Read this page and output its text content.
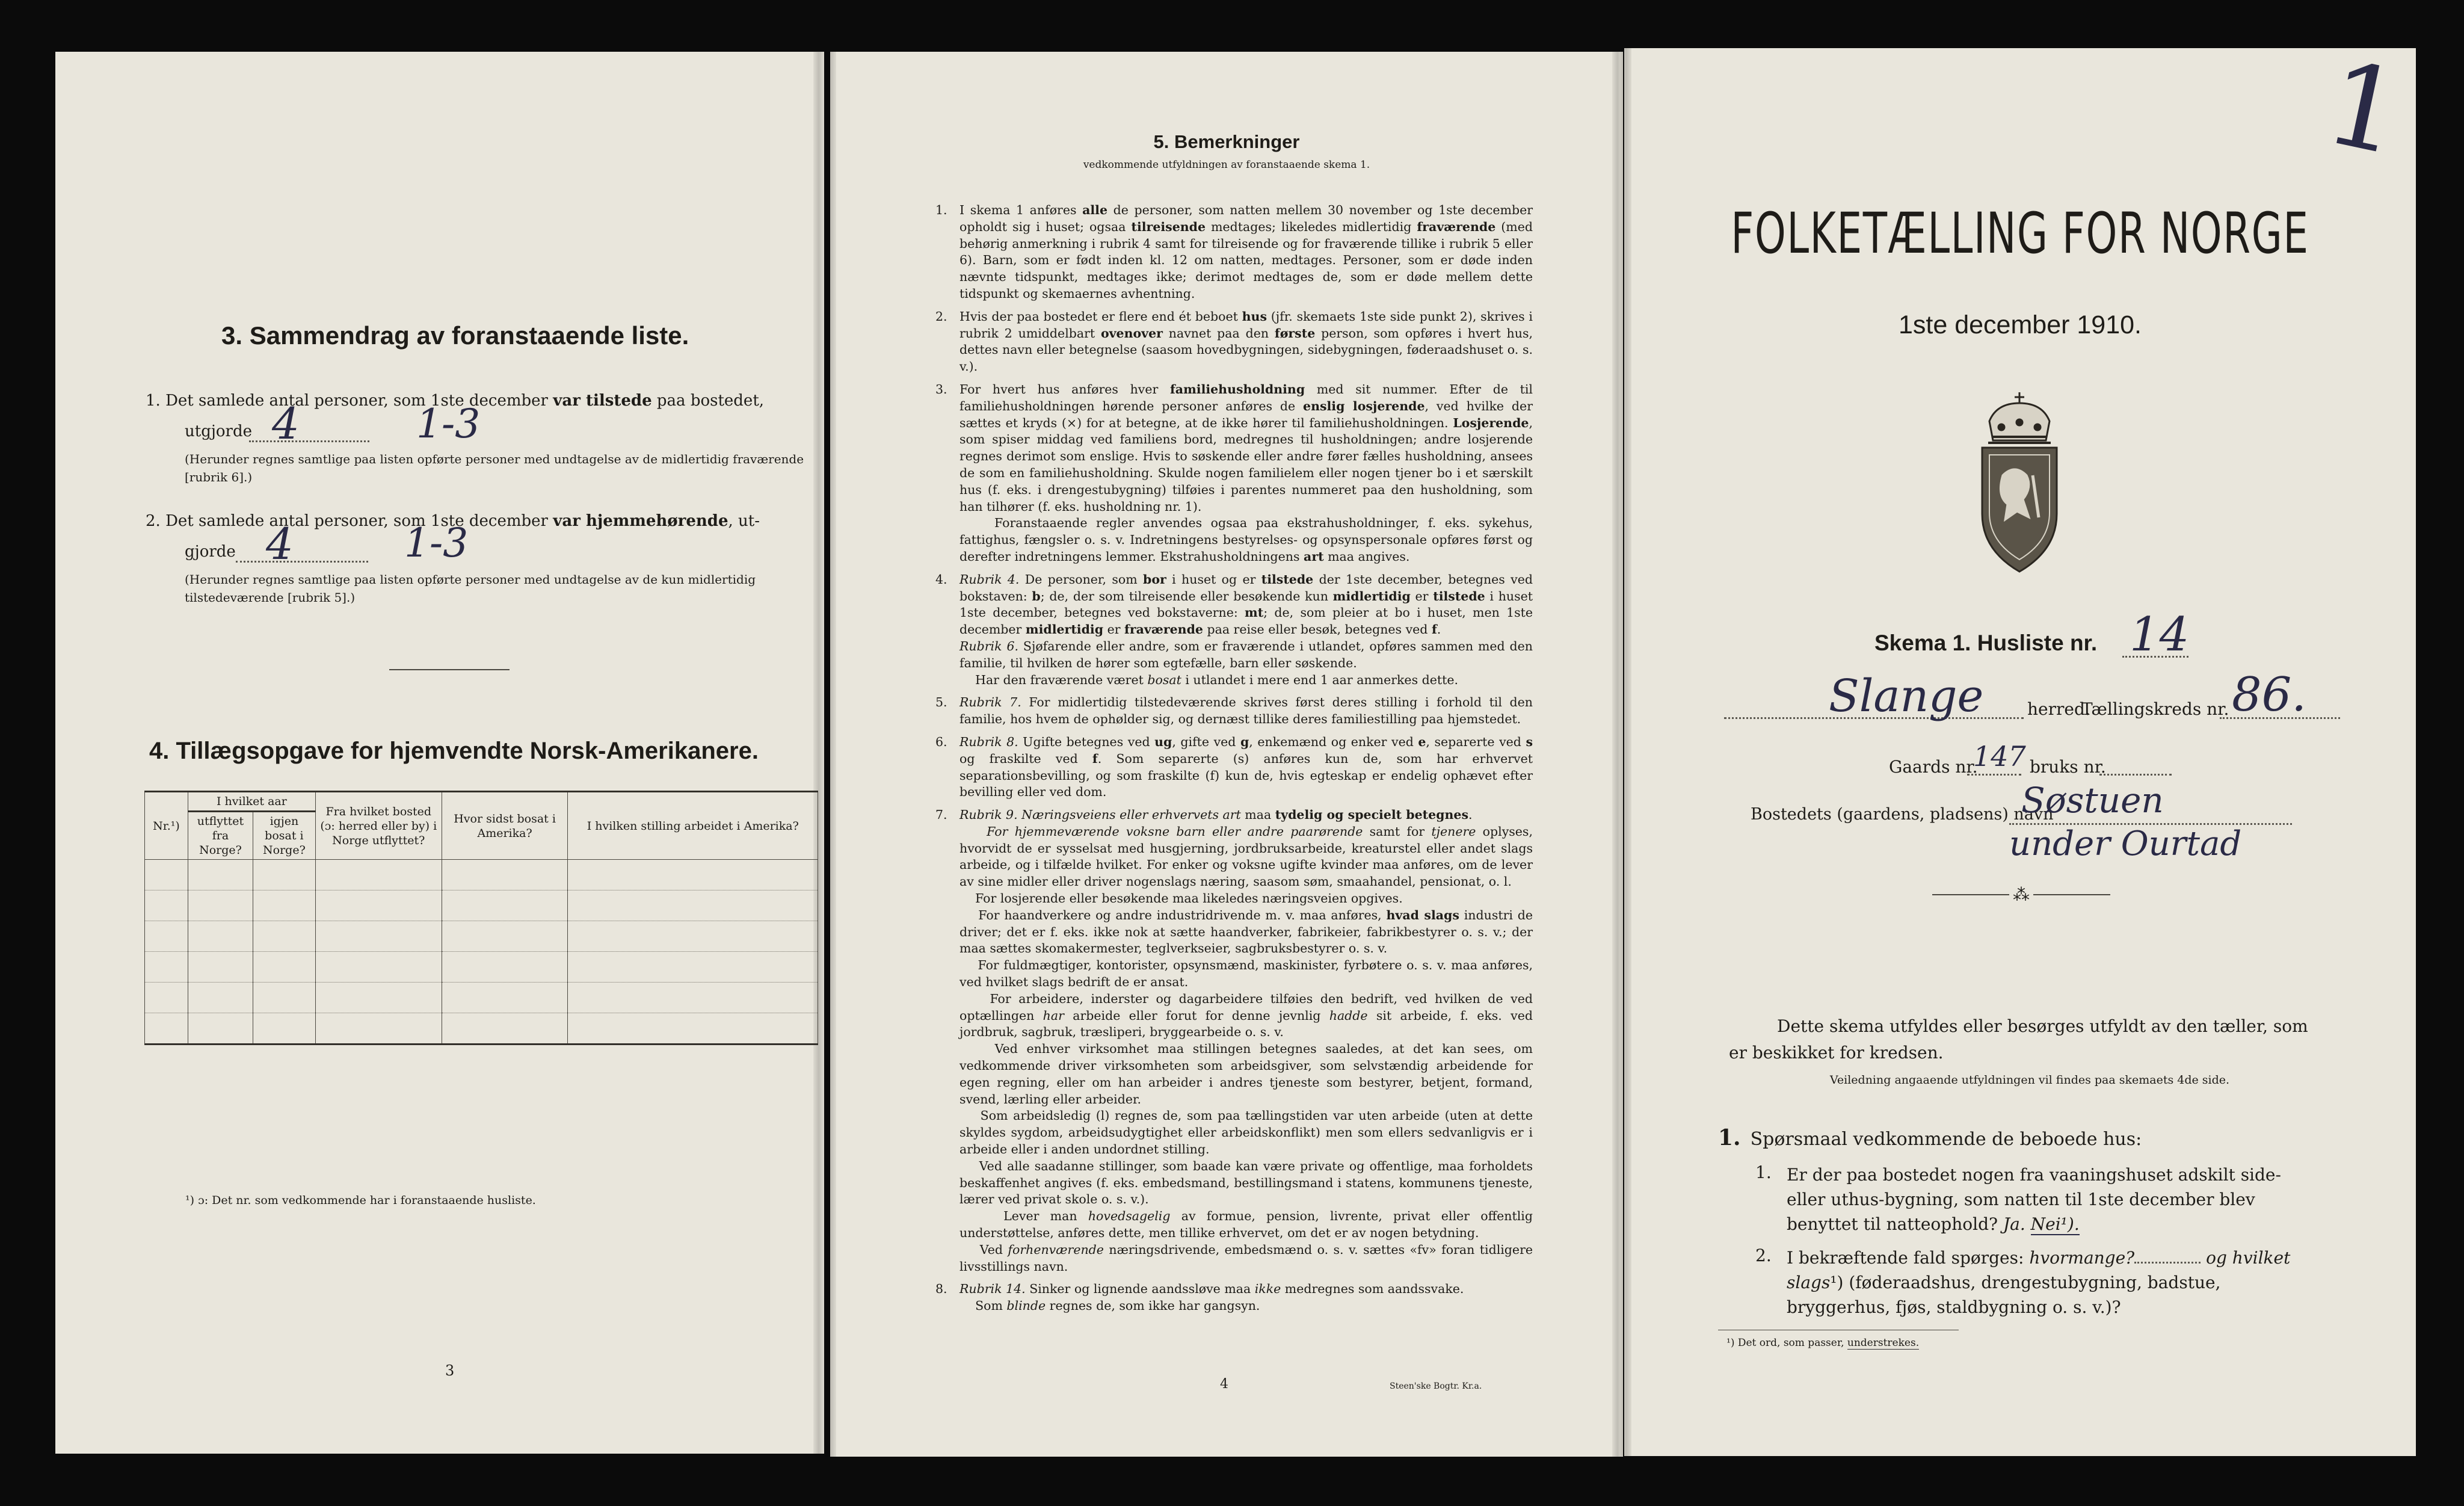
3. Sammendrag av foranstaaende liste.
1. Det samlede antal personer, som 1ste december var tilstede paa bostedet,
utgjorde 4	1-3
(Herunder regnes samtlige paa listen opførte personer med undtagelse av de midlertidig fraværende [rubrik 6].)
2. Det samlede antal personer, som 1ste december var hjemmehørende, ut-
gjorde 4	1-3
(Herunder regnes samtlige paa listen opførte personer med undtagelse av de kun midlertidig tilstedeværende [rubrik 5].)
4. Tillægsopgave for hjemvendte Norsk-Amerikanere.
Nr.¹)	I hvilket aar		Fra hvilket bosted (ɔ: herred eller by) i Norge utflyttet?	Hvor sidst bosat i Amerika?	I hvilken stilling arbeidet i Amerika?
	utflyttet fra Norge?	igjen bosat i Norge?			

¹) ɔ: Det nr. som vedkommende har i foranstaaende husliste.
3
5. Bemerkninger
vedkommende utfyldningen av foranstaaende skema 1.
1. I skema 1 anføres alle de personer, som natten mellem 30 november og 1ste december opholdt sig i huset; ogsaa tilreisende medtages; likeledes midlertidig fraværende (med behørig anmerkning i rubrik 4 samt for tilreisende og for fraværende tillike i rubrik 5 eller 6). Barn, som er født inden kl. 12 om natten, medtages. Personer, som er døde inden nævnte tidspunkt, medtages ikke; derimot medtages de, som er døde mellem dette tidspunkt og skemaernes avhentning.
2. Hvis der paa bostedet er flere end ét beboet hus (jfr. skemaets 1ste side punkt 2), skrives i rubrik 2 umiddelbart ovenover navnet paa den første person, som opføres i hvert hus, dettes navn eller betegnelse (saasom hovedbygningen, sidebygningen, føderaadshuset o. s. v.).
3. For hvert hus anføres hver familiehusholdning med sit nummer. Efter de til familiehusholdningen hørende personer anføres de enslig losjerende, ved hvilke der sættes et kryds (×) for at betegne, at de ikke hører til familiehusholdningen. Losjerende, som spiser middag ved familiens bord, medregnes til husholdningen; andre losjerende regnes derimot som enslige. Hvis to søskende eller andre fører fælles husholdning, ansees de som en familiehusholdning. Skulde nogen familielem eller nogen tjener bo i et særskilt hus (f. eks. i drengestubygning) tilføies i parentes nummeret paa den husholdning, som han tilhører (f. eks. husholdning nr. 1).
Foranstaaende regler anvendes ogsaa paa ekstrahusholdninger, f. eks. sykehus, fattighus, fængsler o. s. v. Indretningens bestyrelses- og opsynspersonale opføres først og derefter indretningens lemmer. Ekstrahusholdningens art maa angives.
4. Rubrik 4. De personer, som bor i huset og er tilstede der 1ste december, betegnes ved bokstaven: b; de, der som tilreisende eller besøkende kun midlertidig er tilstede i huset 1ste december, betegnes ved bokstaverne: mt; de, som pleier at bo i huset, men 1ste december midlertidig er fraværende paa reise eller besøk, betegnes ved f.
Rubrik 6. Sjøfarende eller andre, som er fraværende i utlandet, opføres sammen med den familie, til hvilken de hører som egtefælle, barn eller søskende.
Har den fraværende været bosat i utlandet i mere end 1 aar anmerkes dette.
5. Rubrik 7. For midlertidig tilstedeværende skrives først deres stilling i forhold til den familie, hos hvem de ophølder sig, og dernæst tillike deres familiestilling paa hjemstedet.
6. Rubrik 8. Ugifte betegnes ved ug, gifte ved g, enkemænd og enker ved e, separerte ved s og fraskilte ved f. Som separerte (s) anføres kun de, som har erhvervet separationsbevilling, og som fraskilte (f) kun de, hvis egteskap er endelig ophævet efter bevilling eller ved dom.
7. Rubrik 9. Næringsveiens eller erhvervets art maa tydelig og specielt betegnes.
For hjemmeværende voksne barn eller andre paarørende samt for tjenere oplyses, hvorvidt de er sysselsat med husgjerning, jordbruksarbeide, kreaturstel eller andet slags arbeide, og i tilfælde hvilket. For enker og voksne ugifte kvinder maa anføres, om de lever av sine midler eller driver nogenslags næring, saasom søm, smaahandel, pensionat, o. l.
For losjerende eller besøkende maa likeledes næringsveien opgives.
For haandverkere og andre industridrivende m. v. maa anføres, hvad slags industri de driver; det er f. eks. ikke nok at sætte haandverker, fabrikeier, fabrikbestyrer o. s. v.; der maa sættes skomakermester, teglverkseier, sagbruksbestyrer o. s. v.
For fuldmægtiger, kontorister, opsynsmænd, maskinister, fyrbøtere o. s. v. maa anføres, ved hvilket slags bedrift de er ansat.
For arbeidere, inderster og dagarbeidere tilføies den bedrift, ved hvilken de ved optællingen har arbeide eller forut for denne jevnlig hadde sit arbeide, f. eks. ved jordbruk, sagbruk, træsliperi, bryggearbeide o. s. v.
Ved enhver virksomhet maa stillingen betegnes saaledes, at det kan sees, om vedkommende driver virksomheten som arbeidsgiver, som selvstændig arbeidende for egen regning, eller om han arbeider i andres tjeneste som bestyrer, betjent, formand, svend, lærling eller arbeider.
Som arbeidsledig (l) regnes de, som paa tællingstiden var uten arbeide (uten at dette skyldes sygdom, arbeidsudygtighet eller arbeidskonflikt) men som ellers sedvanligvis er i arbeide eller i anden undordnet stilling.
Ved alle saadanne stillinger, som baade kan være private og offentlige, maa forholdets beskaffenhet angives (f. eks. embedsmand, bestillingsmand i statens, kommunens tjeneste, lærer ved privat skole o. s. v.).
Lever man hovedsagelig av formue, pension, livrente, privat eller offentlig understøttelse, anføres dette, men tillike erhvervet, om det er av nogen betydning.
Ved forhenværende næringsdrivende, embedsmænd o. s. v. sættes «fv» foran tidligere livsstillings navn.
8. Rubrik 14. Sinker og lignende aandssløve maa ikke medregnes som aandssvake.
Som blinde regnes de, som ikke har gangsyn.
4	Steen'ske Bogtr. Kr.a.
1
FOLKETÆLLING FOR NORGE
1ste december 1910.
Skema 1. Husliste nr. 14
Slange	herred.
Tællingskreds nr. 86.
Gaards nr.
147 bruks nr.
Bostedets (gaardens, pladsens) navn
Søstuen
under Ourtad
⁂
Dette skema utfyldes eller besørges utfyldt av den tæller, som er beskikket for kredsen.
Veiledning angaaende utfyldningen vil findes paa skemaets 4de side.
1. Spørsmaal vedkommende de beboede hus:
1. Er der paa bostedet nogen fra vaaningshuset adskilt side- eller uthus-bygning, som natten til 1ste december blev benyttet til natteophold? Ja. Nei¹).
2. I bekræftende fald spørges: hvormange?	og hvilket slags¹) (føderaadshus, drengestubygning, badstue, bryggerhus, fjøs, staldbygning o. s. v.)?
¹) Det ord, som passer, understrekes.
